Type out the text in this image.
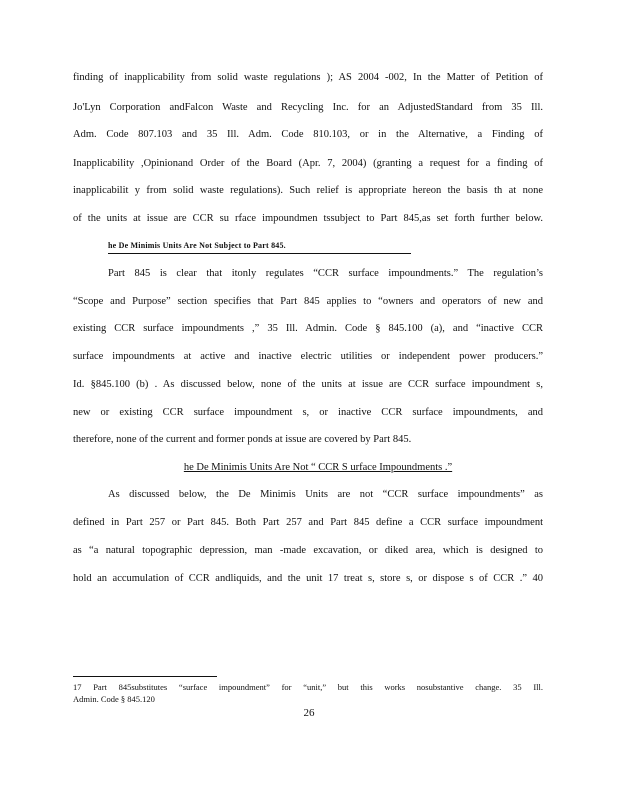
finding of inapplicability from solid waste regulations ); AS 2004 -002, In the Matter of Petition of
Jo'Lyn Corporation andFalcon Waste and Recycling Inc. for an AdjustedStandard from 35 Ill.
Adm. Code 807.103 and 35 Ill. Adm. Code 810.103, or in the Alternative, a Finding of
Inapplicability ,Opinionand Order of the Board (Apr. 7, 2004) (granting a request for a finding of
inapplicabilit y from solid waste regulations). Such relief is appropriate hereon the basis th at none
of the units at issue are CCR su rface impoundmen tssubject to Part 845,as set forth further below.
he De Minimis Units Are Not Subject to Part 845.
Part 845 is clear that itonly regulates “CCR surface impoundments.” The regulation’s
“Scope and Purpose” section specifies that Part 845 applies to “owners and operators of new and
existing CCR surface impoundments ,” 35 Ill. Admin. Code § 845.100 (a), and “inactive CCR
surface impoundments at active and inactive electric utilities or independent power producers.”
Id. §845.100 (b) . As discussed below, none of the units at issue are CCR surface impoundment s,
new or existing CCR surface impoundment s, or inactive CCR surface impoundments, and
therefore, none of the current and former ponds at issue are covered by Part 845.
he De Minimis Units Are Not “ CCR S urface Impoundments .”
As discussed below, the De Minimis Units are not “CCR surface impoundments” as
defined in Part 257 or Part 845. Both Part 257 and Part 845 define a CCR surface impoundment
as “a natural topographic depression, man -made excavation, or diked area, which is designed to
hold an accumulation of CCR andliquids, and the unit 17 treat s, store s, or dispose s of CCR .” 40
17 Part 845substitutes “surface impoundment” for “unit,” but this works nosubstantive change. 35 Ill.
Admin. Code § 845.120
26
